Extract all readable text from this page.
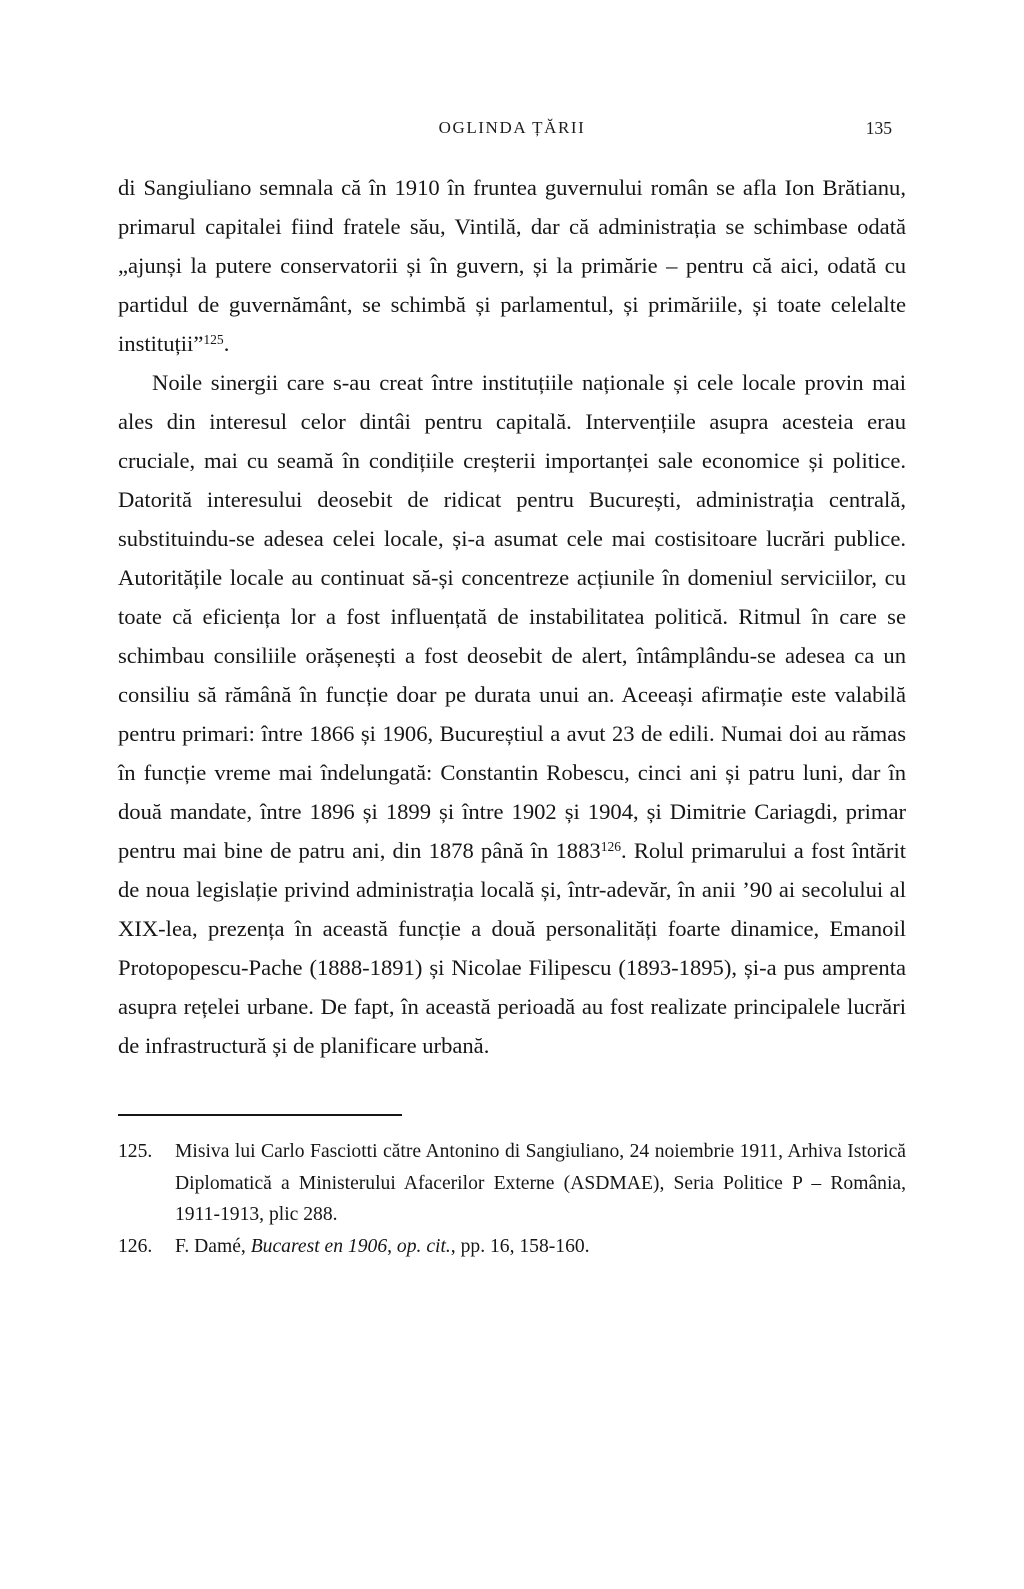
OGLINDA ȚĂRII	135

di Sangiuliano semnala că în 1910 în fruntea guvernului român se afla Ion Brătianu, primarul capitalei fiind fratele său, Vintilă, dar că administrația se schimbase odată „ajunși la putere conservatorii și în guvern, și la primărie – pentru că aici, odată cu partidul de guvernământ, se schimbă și parlamentul, și primăriile, și toate celelalte instituții”$^{125}$.

Noile sinergii care s-au creat între instituțiile naționale și cele locale provin mai ales din interesul celor dintâi pentru capitală. Intervențiile asupra acesteia erau cruciale, mai cu seamă în condițiile creșterii importanței sale economice și politice. Datorită interesului deosebit de ridicat pentru București, administrația centrală, substituindu-se adesea celei locale, și-a asumat cele mai costisitoare lucrări publice. Autoritățile locale au continuat să-și concentreze acțiunile în domeniul serviciilor, cu toate că eficiența lor a fost influențată de instabilitatea politică. Ritmul în care se schimbau consiliile orășenești a fost deosebit de alert, întâmplându-se adesea ca un consiliu să rămână în funcție doar pe durata unui an. Aceeași afirmație este valabilă pentru primari: între 1866 și 1906, Bucureștiul a avut 23 de edili. Numai doi au rămas în funcție vreme mai îndelungată: Constantin Robescu, cinci ani și patru luni, dar în două mandate, între 1896 și 1899 și între 1902 și 1904, și Dimitrie Cariagdi, primar pentru mai bine de patru ani, din 1878 până în 1883$^{126}$. Rolul primarului a fost întărit de noua legislație privind administrația locală și, într-adevăr, în anii ’90 ai secolului al XIX-lea, prezența în această funcție a două personalități foarte dinamice, Emanoil Protopopescu-Pache (1888-1891) și Nicolae Filipescu (1893-1895), și-a pus amprenta asupra rețelei urbane. De fapt, în această perioadă au fost realizate principalele lucrări de infrastructură și de planificare urbană.

125. Misiva lui Carlo Fasciotti către Antonino di Sangiuliano, 24 noiembrie 1911, Arhiva Istorică Diplomatică a Ministerului Afacerilor Externe (ASDMAE), Seria Politice P – România, 1911-1913, plic 288.
126. F. Damé, Bucarest en 1906, op. cit., pp. 16, 158-160.
